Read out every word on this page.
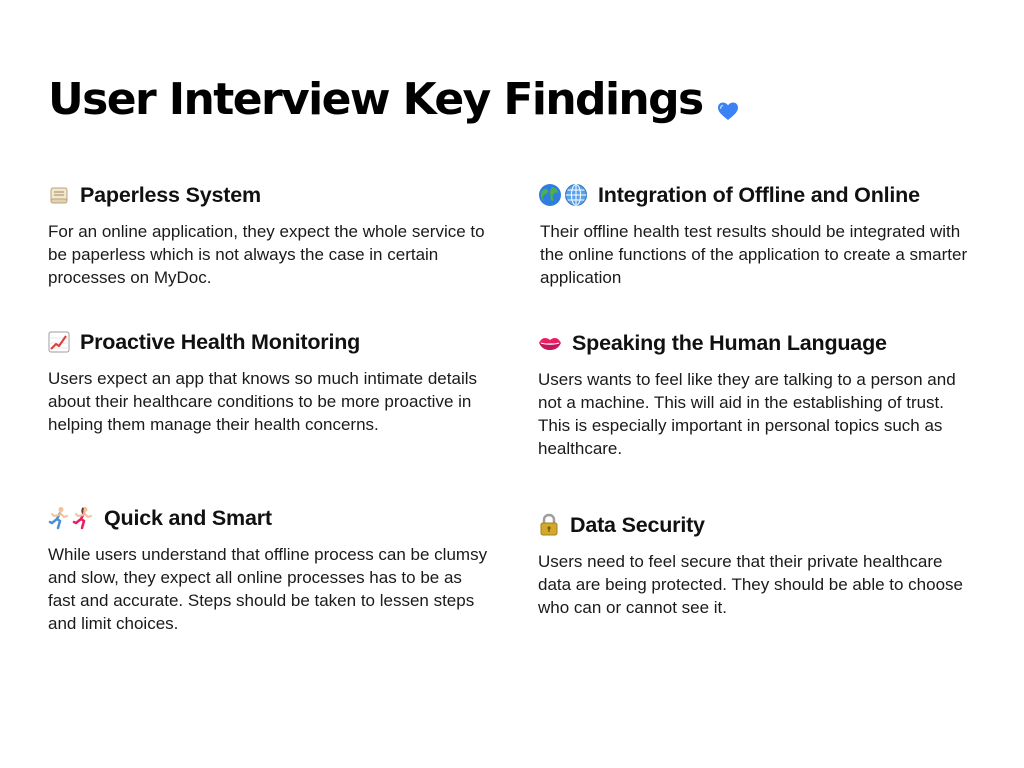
User Interview Key Findings
Paperless System

For an online application, they expect the whole service to be paperless which is not always the case in certain processes on MyDoc.

Integration of Offline and Online

Their offline health test results should be integrated with the online functions of the application to create a smarter application

Proactive Health Monitoring

Users expect an app that knows so much intimate details about their healthcare conditions to be more proactive in helping them manage their health concerns.

Speaking the Human Language

Users wants to feel like they are talking to a person and not a machine. This will aid in the establishing of trust. This is especially important in personal topics such as healthcare.

Quick and Smart

While users understand that offline process can be clumsy and slow, they expect all online processes has to be as fast and accurate. Steps should be taken to lessen steps and limit choices.

Data Security

Users need to feel secure that their private healthcare data are being protected. They should be able to choose who can or cannot see it.
